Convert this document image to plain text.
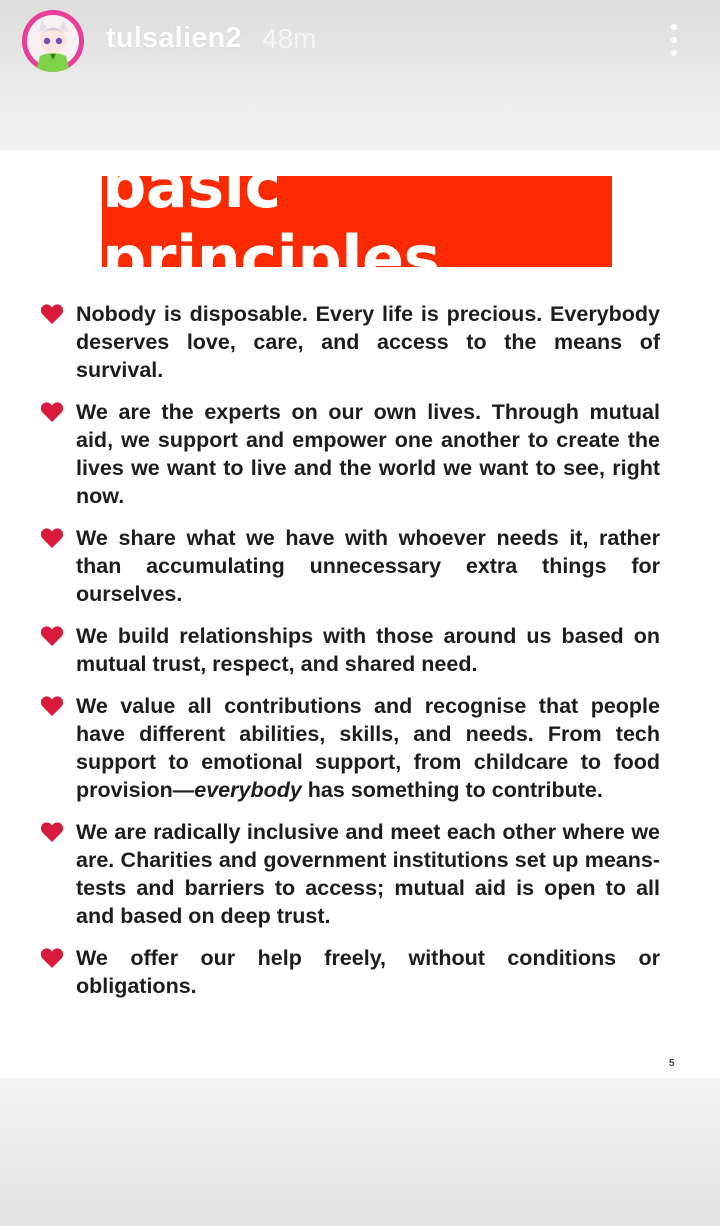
tulsalien2 48m
basic principles

Nobody is disposable. Every life is precious. Everybody deserves love, care, and access to the means of survival.

We are the experts on our own lives. Through mutual aid, we support and empower one another to create the lives we want to live and the world we want to see, right now.

We share what we have with whoever needs it, rather than accumulating unnecessary extra things for ourselves.

We build relationships with those around us based on mutual trust, respect, and shared need.

We value all contributions and recognise that people have different abilities, skills, and needs. From tech support to emotional support, from childcare to food provision—everybody has something to contribute.

We are radically inclusive and meet each other where we are. Charities and government institutions set up means-tests and barriers to access; mutual aid is open to all and based on deep trust.

We offer our help freely, without conditions or obligations.

5
